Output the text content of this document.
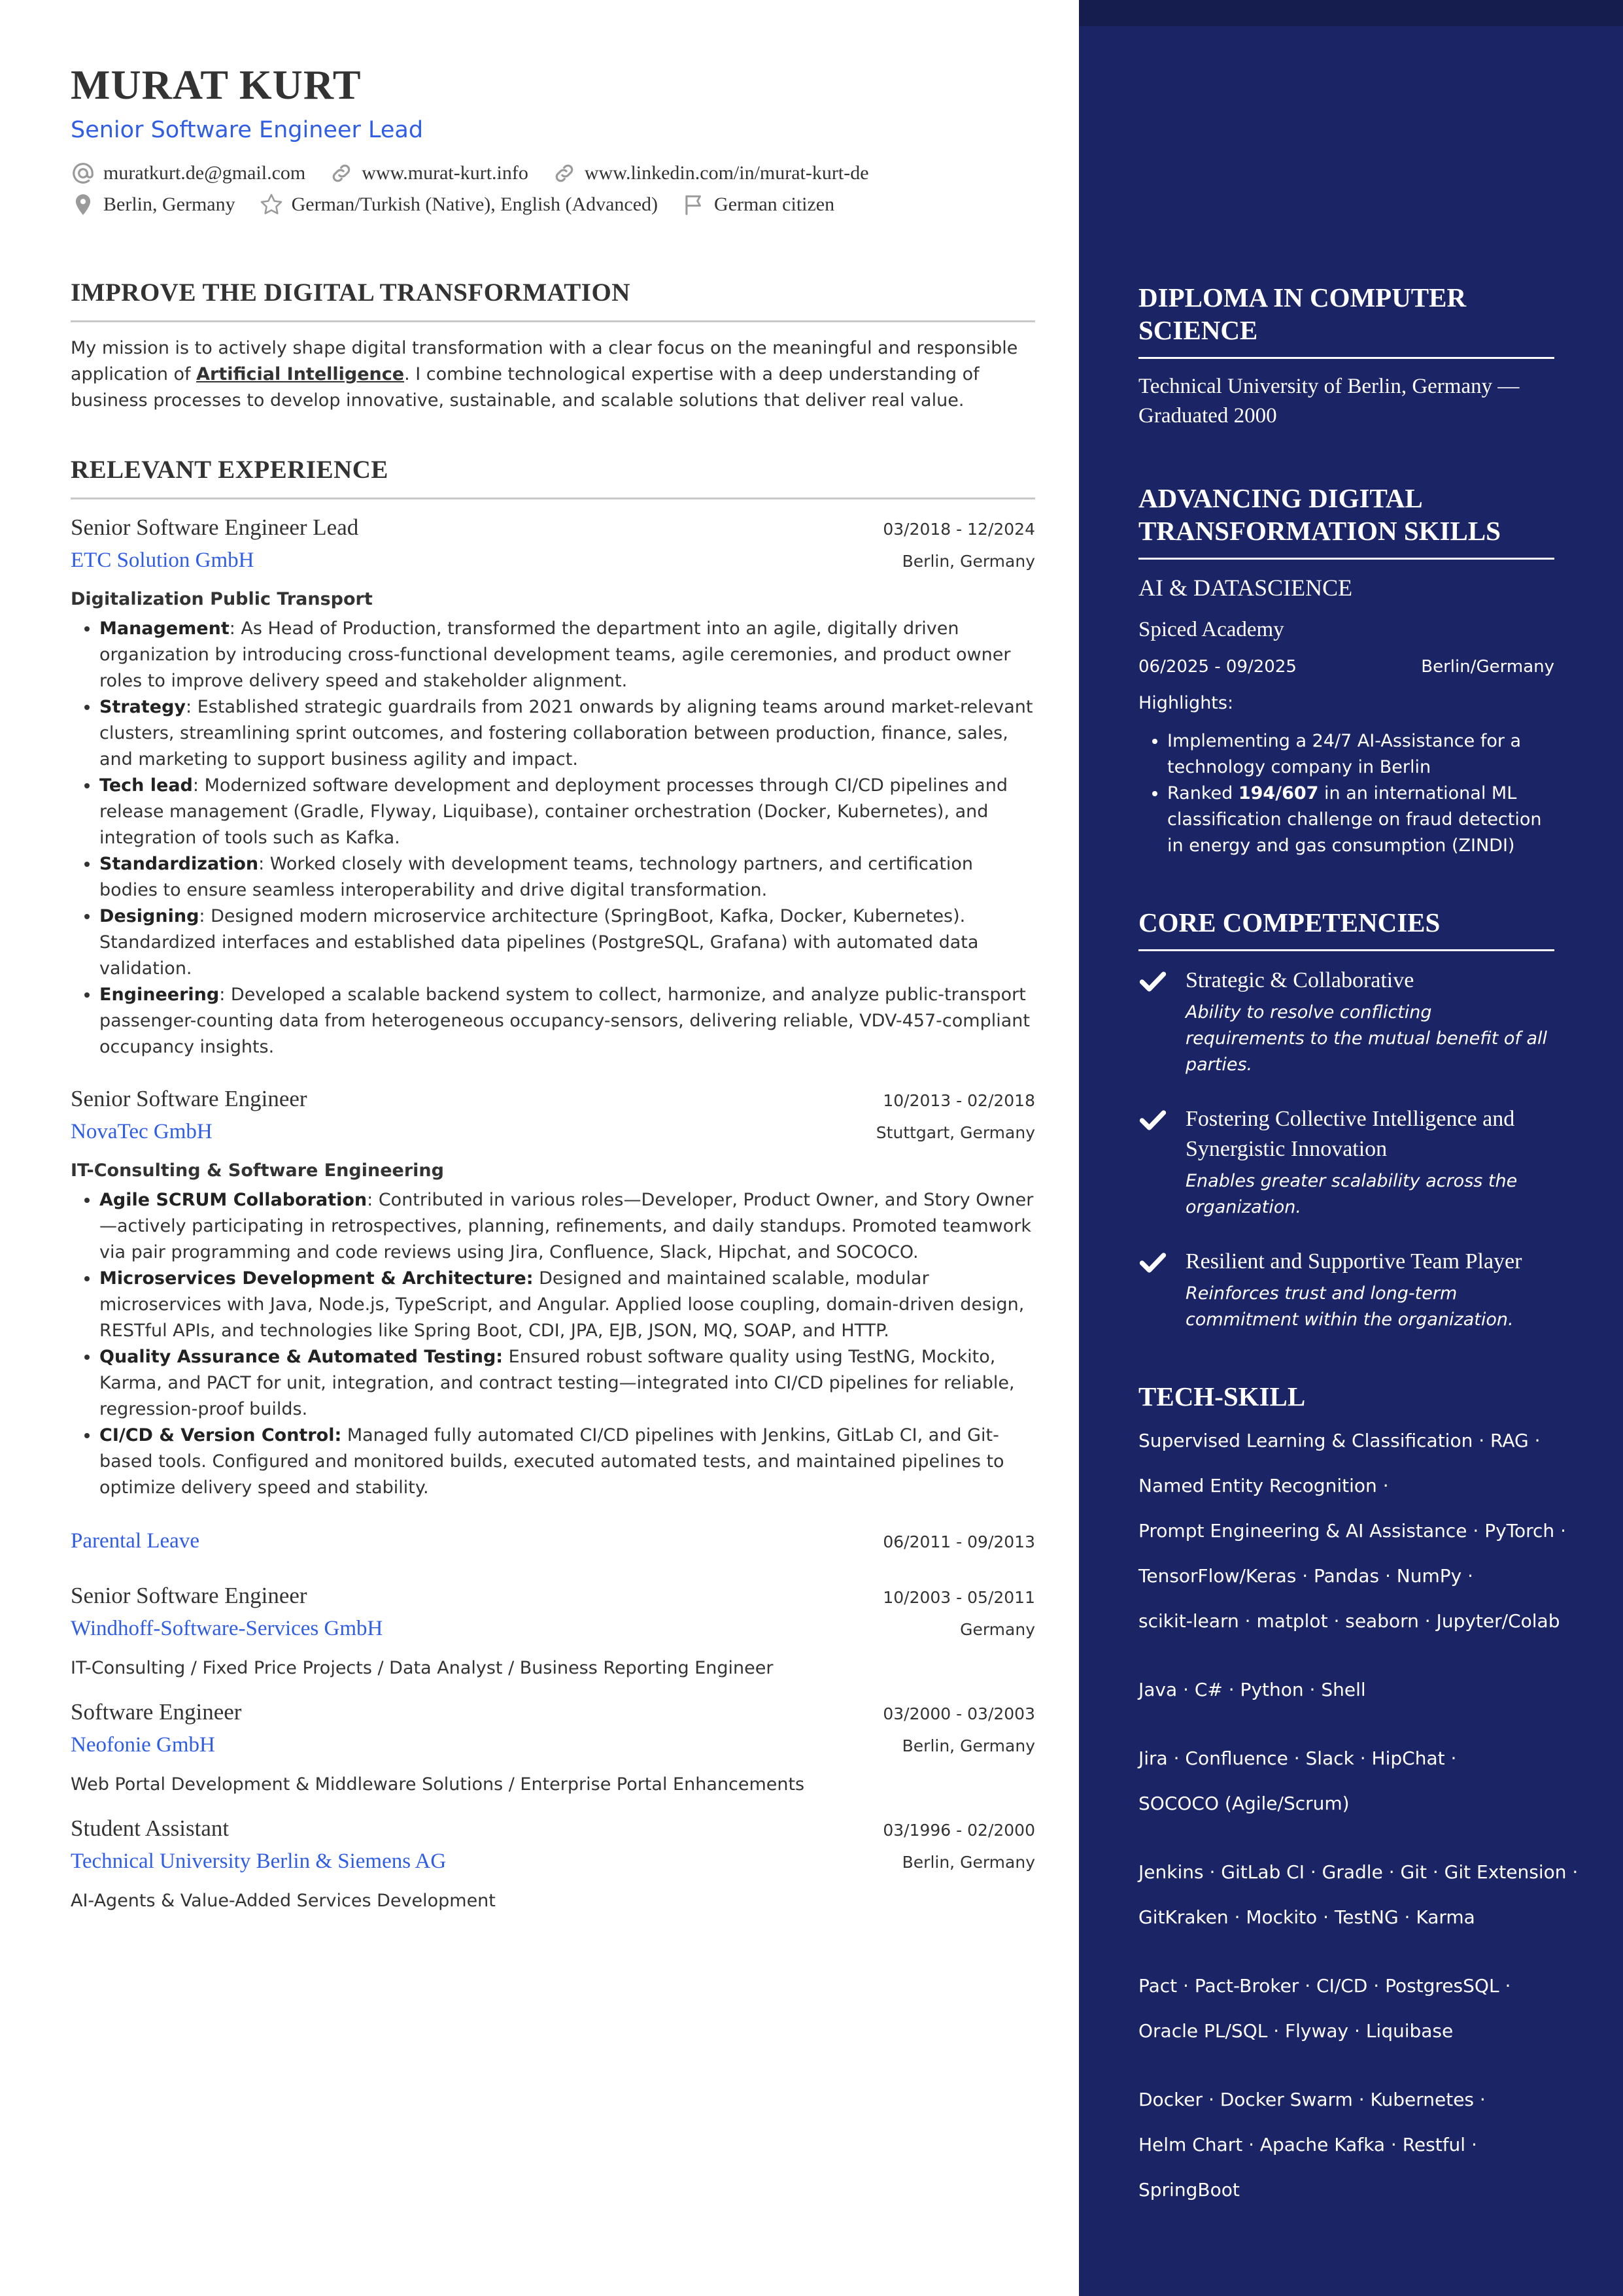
MURAT KURT
Senior Software Engineer Lead
muratkurt.de@gmail.com	www.murat-kurt.info	www.linkedin.com/in/murat-kurt-de
Berlin, Germany	German/Turkish (Native), English (Advanced)	German citizen
IMPROVE THE DIGITAL TRANSFORMATION
My mission is to actively shape digital transformation with a clear focus on the meaningful and responsible application of Artificial Intelligence. I combine technological expertise with a deep understanding of business processes to develop innovative, sustainable, and scalable solutions that deliver real value.
RELEVANT EXPERIENCE
Senior Software Engineer Lead	03/2018 - 12/2024
ETC Solution GmbH	Berlin, Germany
Digitalization Public Transport
• Management: As Head of Production, transformed the department into an agile, digitally driven organization by introducing cross-functional development teams, agile ceremonies, and product owner roles to improve delivery speed and stakeholder alignment.
• Strategy: Established strategic guardrails from 2021 onwards by aligning teams around market-relevant clusters, streamlining sprint outcomes, and fostering collaboration between production, finance, sales, and marketing to support business agility and impact.
• Tech lead: Modernized software development and deployment processes through CI/CD pipelines and release management (Gradle, Flyway, Liquibase), container orchestration (Docker, Kubernetes), and integration of tools such as Kafka.
• Standardization: Worked closely with development teams, technology partners, and certification bodies to ensure seamless interoperability and drive digital transformation.
• Designing: Designed modern microservice architecture (SpringBoot, Kafka, Docker, Kubernetes). Standardized interfaces and established data pipelines (PostgreSQL, Grafana) with automated data validation.
• Engineering: Developed a scalable backend system to collect, harmonize, and analyze public-transport passenger-counting data from heterogeneous occupancy-sensors, delivering reliable, VDV-457-compliant occupancy insights.
Senior Software Engineer	10/2013 - 02/2018
NovaTec GmbH	Stuttgart, Germany
IT-Consulting & Software Engineering
• Agile SCRUM Collaboration: Contributed in various roles—Developer, Product Owner, and Story Owner—actively participating in retrospectives, planning, refinements, and daily standups. Promoted teamwork via pair programming and code reviews using Jira, Confluence, Slack, Hipchat, and SOCOCO.
• Microservices Development & Architecture: Designed and maintained scalable, modular microservices with Java, Node.js, TypeScript, and Angular. Applied loose coupling, domain-driven design, RESTful APIs, and technologies like Spring Boot, CDI, JPA, EJB, JSON, MQ, SOAP, and HTTP.
• Quality Assurance & Automated Testing: Ensured robust software quality using TestNG, Mockito, Karma, and PACT for unit, integration, and contract testing—integrated into CI/CD pipelines for reliable, regression-proof builds.
• CI/CD & Version Control: Managed fully automated CI/CD pipelines with Jenkins, GitLab CI, and Git-based tools. Configured and monitored builds, executed automated tests, and maintained pipelines to optimize delivery speed and stability.
Parental Leave	06/2011 - 09/2013
Senior Software Engineer	10/2003 - 05/2011
Windhoff-Software-Services GmbH	Germany
IT-Consulting / Fixed Price Projects / Data Analyst / Business Reporting Engineer
Software Engineer	03/2000 - 03/2003
Neofonie GmbH	Berlin, Germany
Web Portal Development & Middleware Solutions / Enterprise Portal Enhancements
Student Assistant	03/1996 - 02/2000
Technical University Berlin & Siemens AG	Berlin, Germany
AI-Agents & Value-Added Services Development
DIPLOMA IN COMPUTER SCIENCE
Technical University of Berlin, Germany — Graduated 2000
ADVANCING DIGITAL TRANSFORMATION SKILLS
AI & DATASCIENCE
Spiced Academy
06/2025 - 09/2025	Berlin/Germany
Highlights:
• Implementing a 24/7 AI-Assistance for a technology company in Berlin
• Ranked 194/607 in an international ML classification challenge on fraud detection in energy and gas consumption (ZINDI)
CORE COMPETENCIES
Strategic & Collaborative
Ability to resolve conflicting requirements to the mutual benefit of all parties.
Fostering Collective Intelligence and Synergistic Innovation
Enables greater scalability across the organization.
Resilient and Supportive Team Player
Reinforces trust and long-term commitment within the organization.
TECH-SKILL
Supervised Learning & Classification · RAG ·
Named Entity Recognition ·
Prompt Engineering & AI Assistance · PyTorch ·
TensorFlow/Keras · Pandas · NumPy ·
scikit-learn · matplot · seaborn · Jupyter/Colab
Java · C# · Python · Shell
Jira · Confluence · Slack · HipChat ·
SOCOCO (Agile/Scrum)
Jenkins · GitLab CI · Gradle · Git · Git Extension ·
GitKraken · Mockito · TestNG · Karma
Pact · Pact-Broker · CI/CD · PostgresSQL ·
Oracle PL/SQL · Flyway · Liquibase
Docker · Docker Swarm · Kubernetes ·
Helm Chart · Apache Kafka · Restful ·
SpringBoot
